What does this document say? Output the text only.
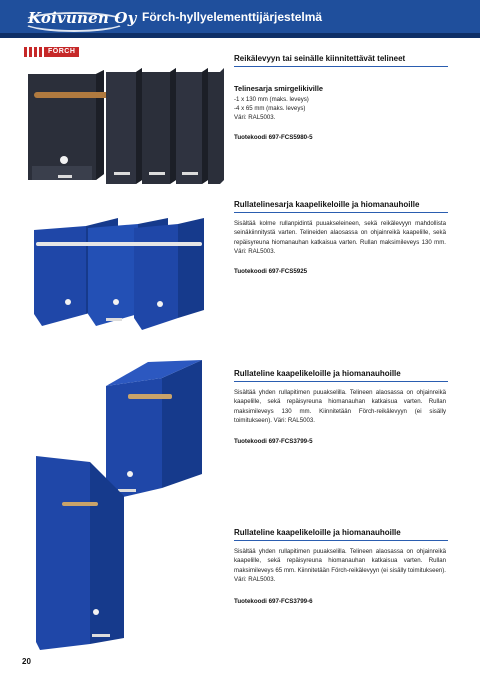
Koivunen Oy Förch-hyllyelementtijärjestelmä
FÖRCH
Reikälevyyn tai seinälle kiinnitettävät telineet
Telinesarja smirgelikiville
-1 x 130 mm (maks. leveys)
-4 x 65 mm (maks. leveys)
Väri: RAL5003.
Tuotekoodi 697-FCS5980-5
Rullatelinesarja kaapelikeloille ja hiomanauhoille
Sisältää kolme rullanpidintä puuakseleineen, sekä reikälevyyn mahdollista seinäkiinnitystä varten. Telineiden alaosassa on ohjainreikä kaapelille, sekä repäisyreuna hiomanauhan katkaisua varten. Rullan maksimileveys 130 mm. Väri: RAL5003.
Tuotekoodi 697-FCS5925
Rullateline kaapelikeloille ja hiomanauhoille
Sisältää yhden rullapitimen puuakselilla. Telineen alaosassa on ohjainreikä kaapelille, sekä repäisyreuna hiomanauhan katkaisua varten. Rullan maksimileveys 130 mm. Kiinnitetään Förch-reikälevyyn (ei sisälly toimitukseen). Väri: RAL5003.
Tuotekoodi 697-FCS3799-5
Rullateline kaapelikeloille ja hiomanauhoille
Sisältää yhden rullapitimen puuakselilla. Telineen alaosassa on ohjainreikä kaapelille, sekä repäisyreuna hiomanauhan katkaisua varten. Rullan maksimileveys 65 mm. Kiinnitetään Förch-reikälevyyn (ei sisälly toimitukseen). Väri: RAL5003.
Tuotekoodi 697-FCS3799-6
20
